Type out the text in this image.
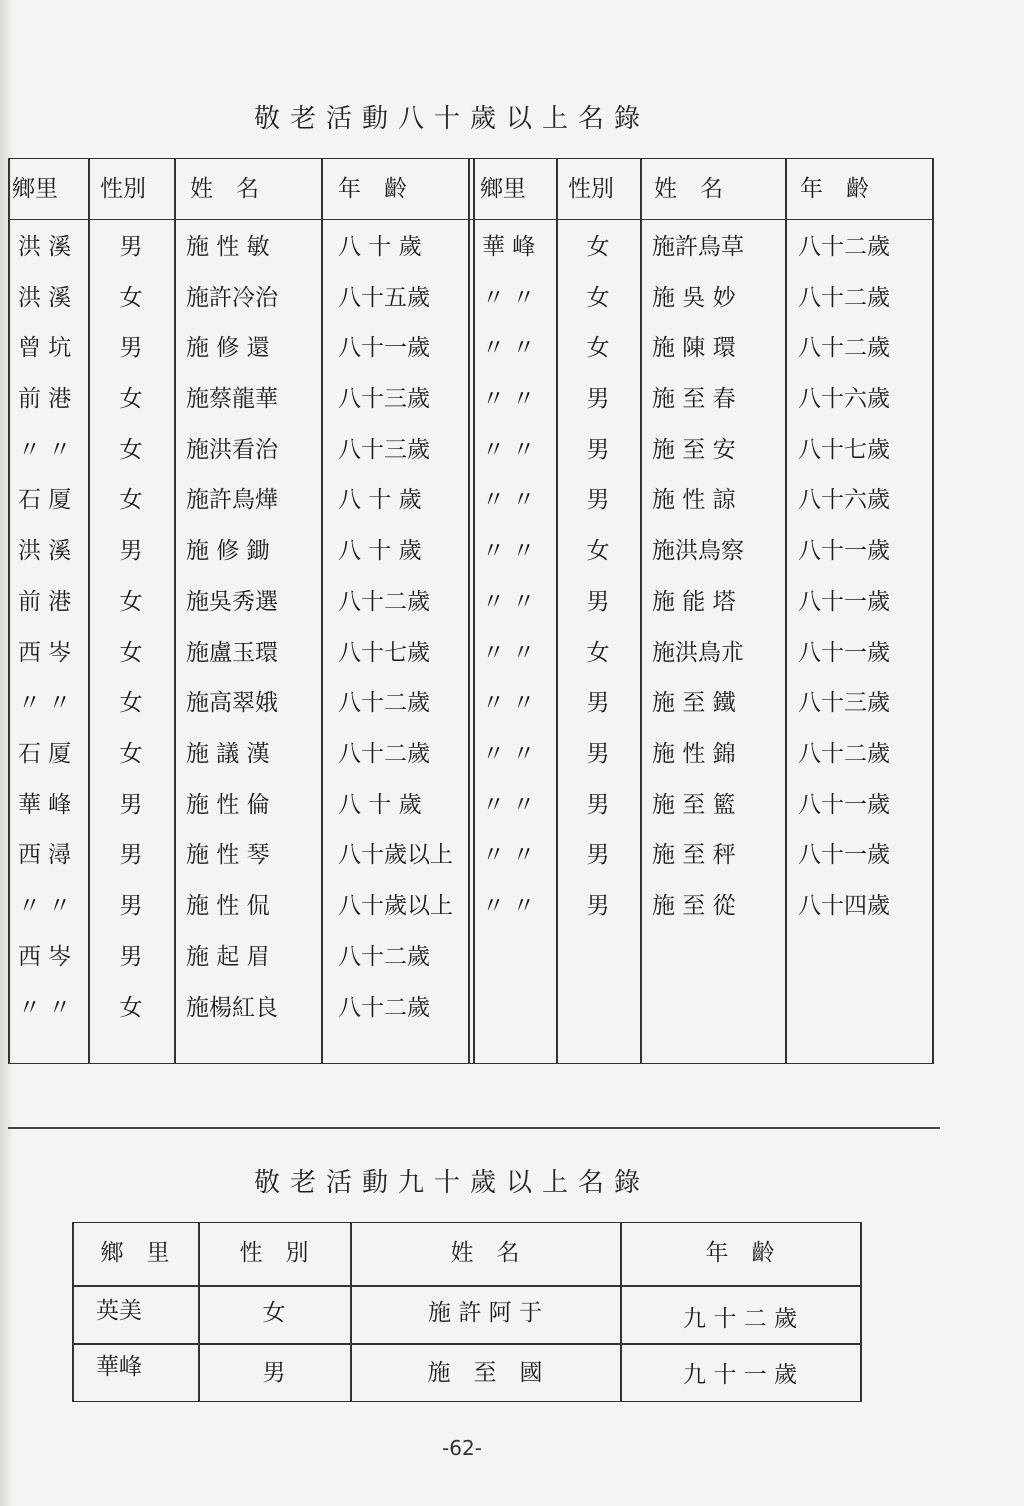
敬老活動八十歲以上名錄
鄉里	性別	姓　名	年　齡	鄉里	性別	姓　名	年　齡
洪 溪	男	施 性 敏	八 十 歲
洪 溪	女	施許冷治	八十五歲
曾 坑	男	施 修 還	八十一歲
前 港	女	施蔡龍華	八十三歲
〃 〃	女	施洪看治	八十三歲
石 厦	女	施許鳥燁	八 十 歲
洪 溪	男	施 修 鋤	八 十 歲
前 港	女	施吳秀選	八十二歲
西 岑	女	施盧玉環	八十七歲
〃 〃	女	施高翠娥	八十二歲
石 厦	女	施 議 漢	八十二歲
華 峰	男	施 性 倫	八 十 歲
西 潯	男	施 性 琴	八十歲以上
〃 〃	男	施 性 侃	八十歲以上
西 岑	男	施 起 眉	八十二歲
〃 〃	女	施楊紅良	八十二歲
華 峰	女	施許鳥草 八十二歲
〃 〃	女	施 吳 妙	八十二歲
〃 〃	女	施 陳 環	八十二歲
〃 〃	男	施 至 春	八十六歲
〃 〃	男	施 至 安	八十七歲
〃 〃	男	施 性 諒	八十六歲
〃 〃	女	施洪鳥察 八十一歲
〃 〃	男	施 能 塔	八十一歲
〃 〃	女	施洪鳥朮 八十一歲
〃 〃	男	施 至 鐵	八十三歲
〃 〃	男	施 性 錦	八十二歲
〃 〃	男	施 至 籃	八十一歲
〃 〃	男	施 至 秤	八十一歲
〃 〃	男	施 至 從	八十四歲
敬老活動九十歲以上名錄
鄉　里	性　別	姓　名	年　齡
英美	女	施 許 阿 于	九 十 二 歲
華峰	男	施　至　國	九 十 一 歲
-62-
